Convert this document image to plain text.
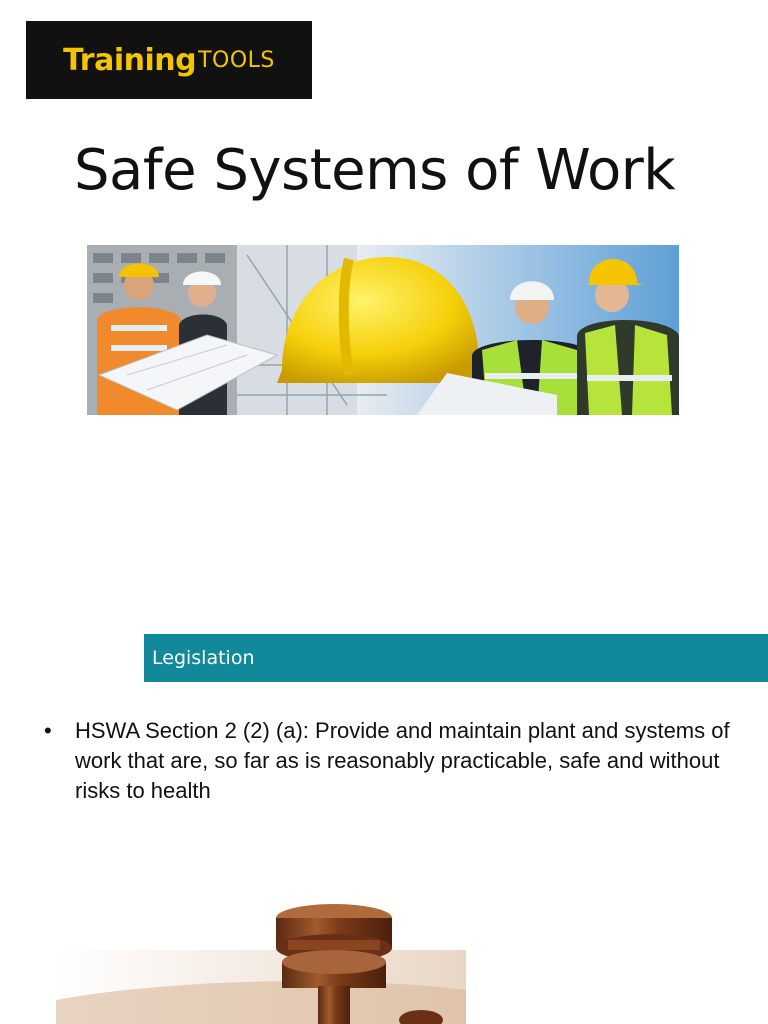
Training TOOLS
Safe Systems of Work
Legislation
• HSWA Section 2 (2) (a): Provide and maintain plant and systems of work that are, so far as is reasonably practicable, safe and without risks to health
